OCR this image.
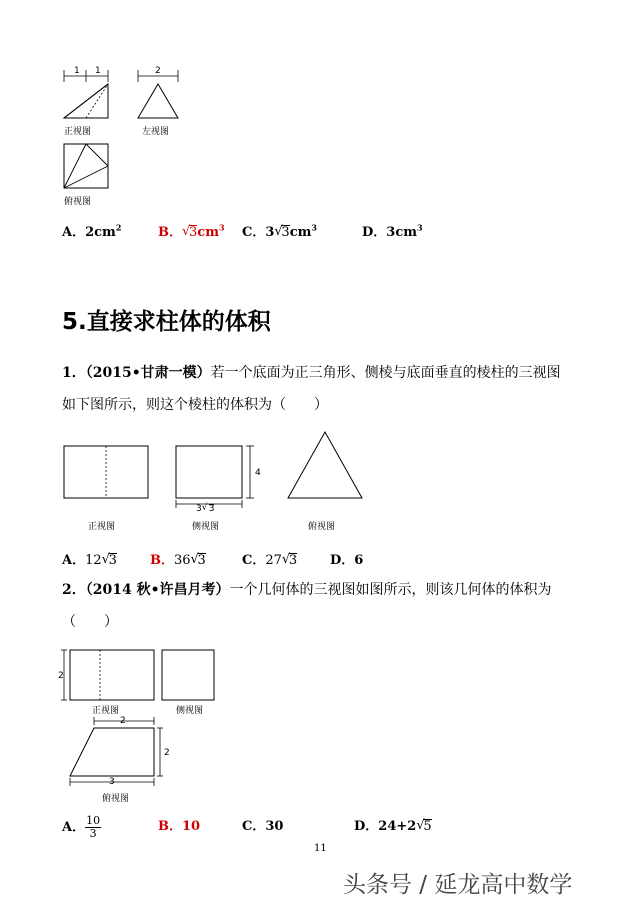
1 1
正视图
2
左视图
俯视图
A．$2cm^2$	B． √ $3cm^3$ C．3 √ $3cm^3$	D．$3cm^3$
5.直接求柱体的体积
1．（2015•甘肃一模）若一个底面为正三角形、侧棱与底面垂直的棱柱的三视图
如下图所示，则这个棱柱的体积为（　　）
正视图
4
3 √ 3
侧视图	俯视图
A．12 √ 3	B．36 √ 3	C．27 √ 3	D．6
2．（2014 秋•许昌月考）一个几何体的三视图如图所示，则该几何体的体积为
（　　）
2
正视图	侧视图
2
2
3
俯视图
A． $\frac{10}{3}$	B．10	C．30	D．24+2 √ 5
11
头条号 / 延龙高中数学
